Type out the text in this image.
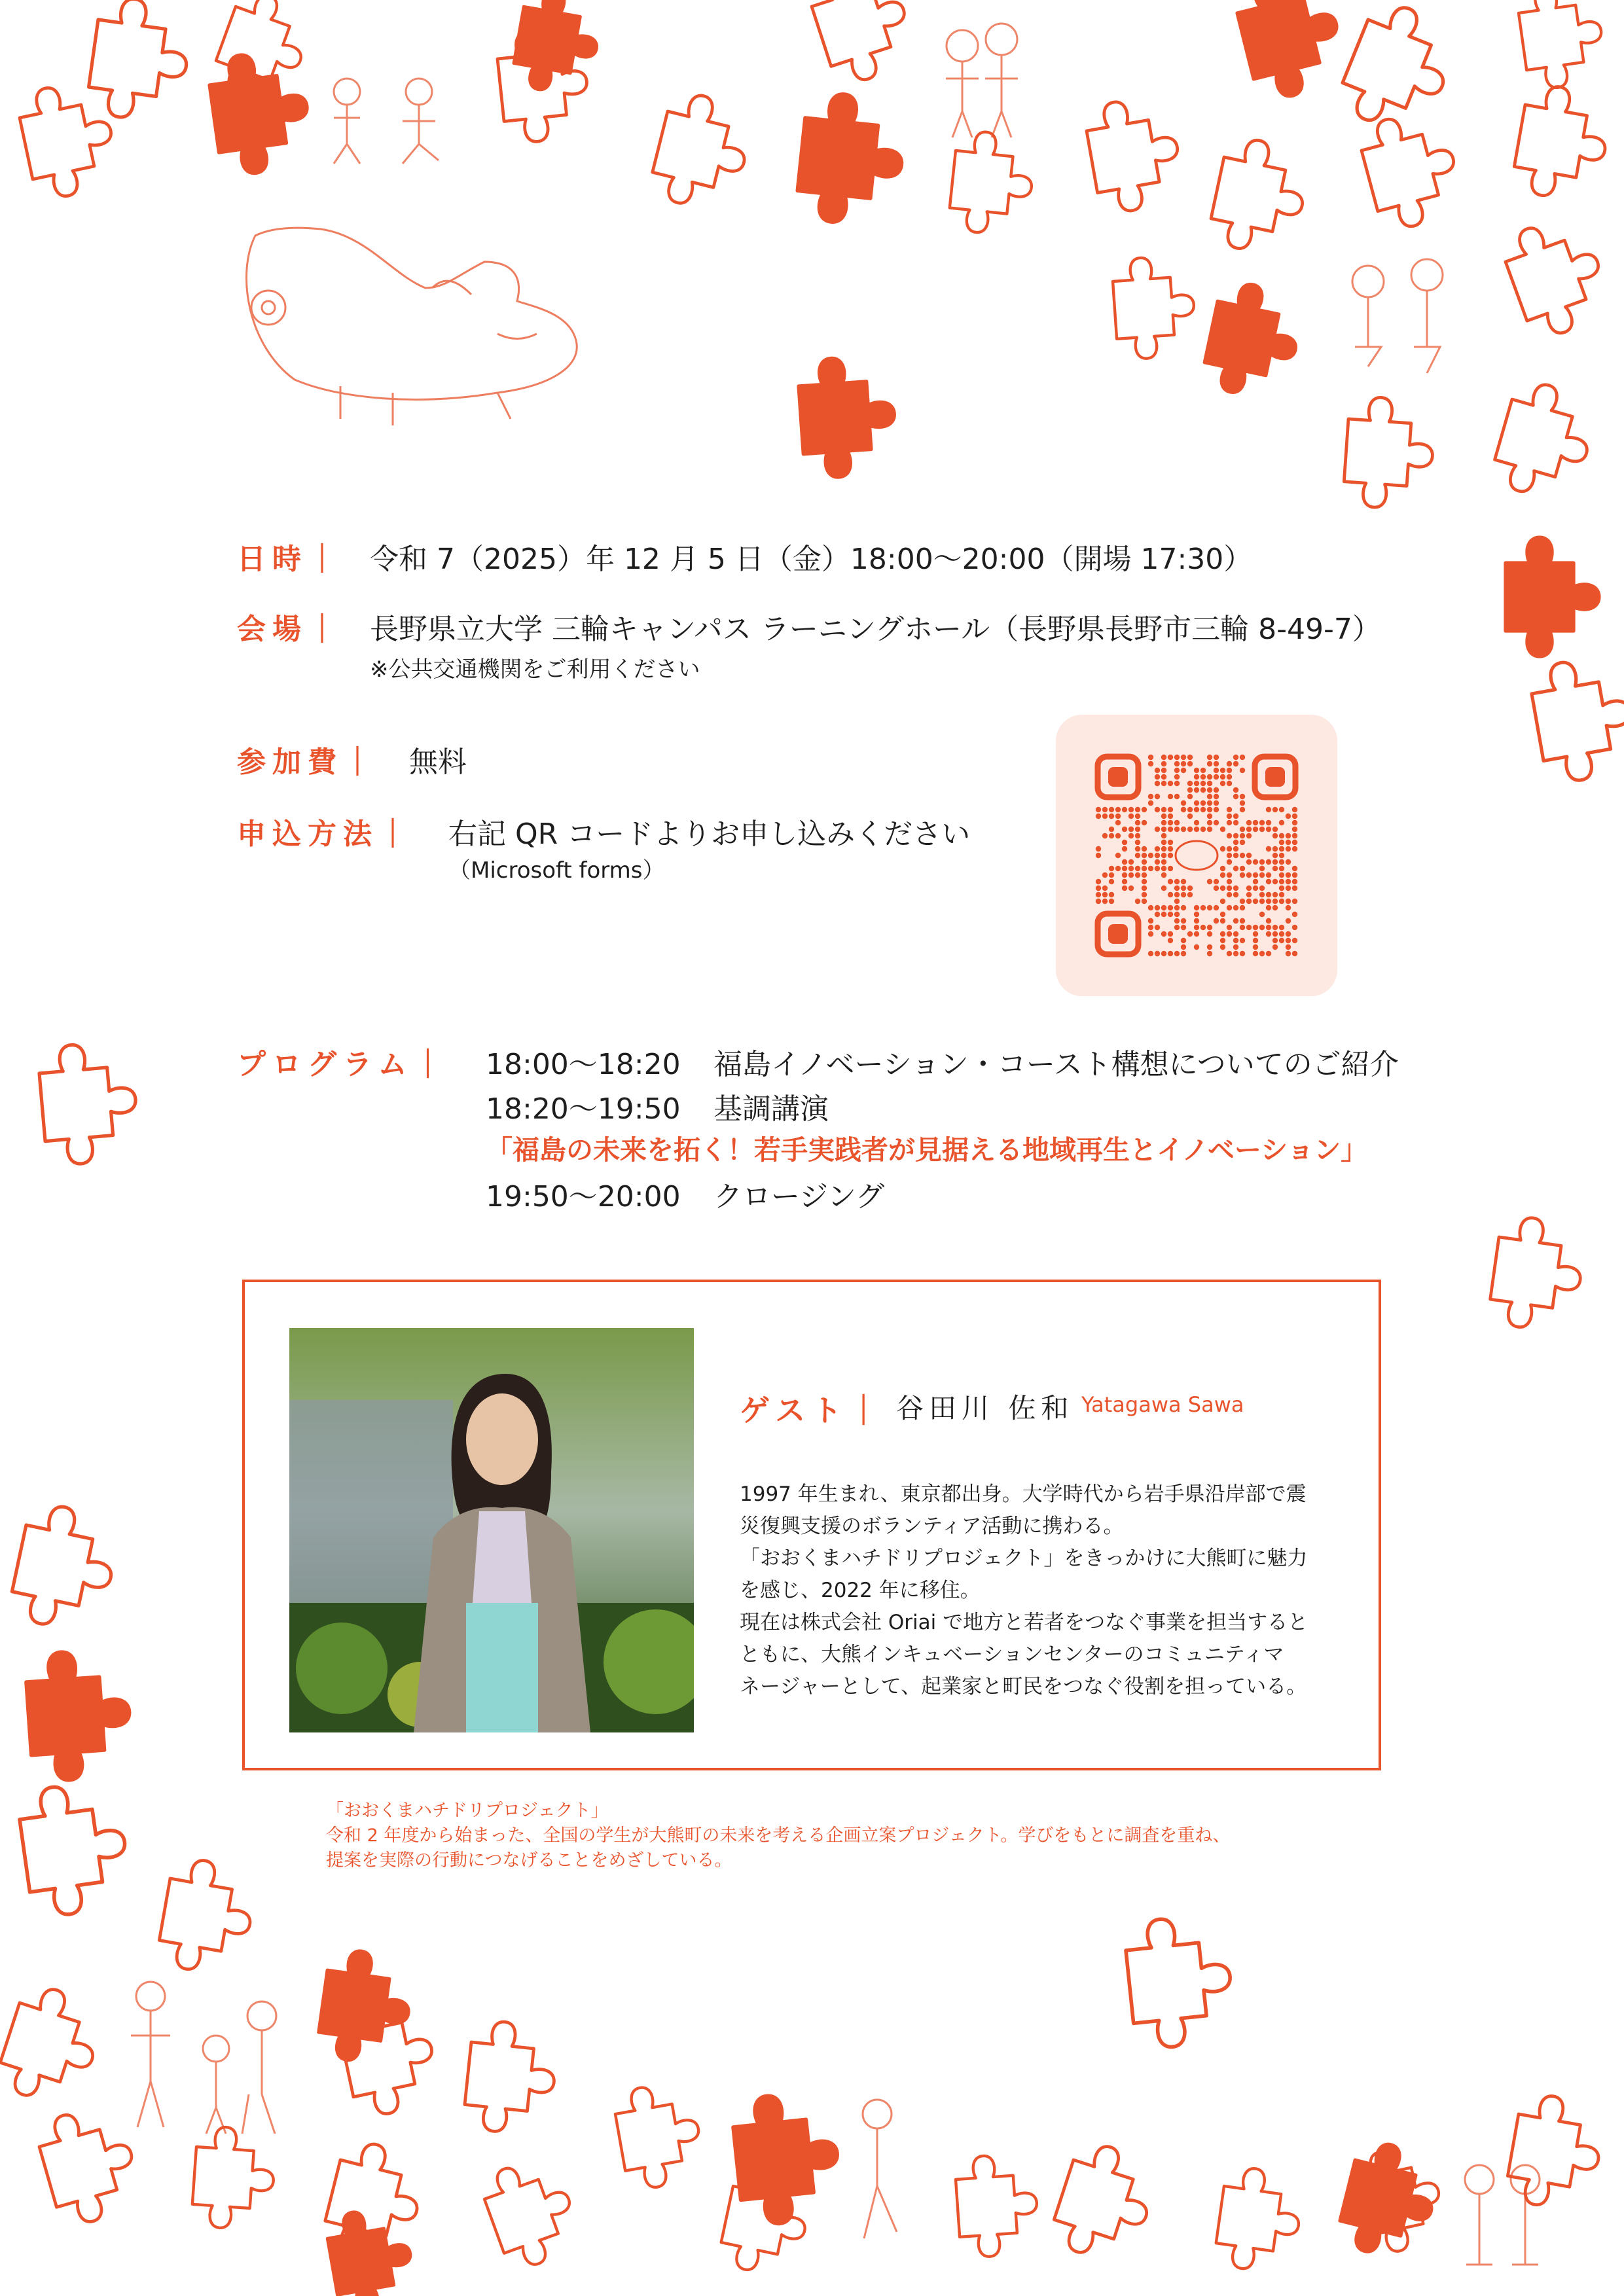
日時｜ 令和 7（2025）年 12 月 5 日（金）18:00〜20:00（開場 17:30）
会場｜ 長野県立大学 三輪キャンパス ラーニングホール（長野県長野市三輪 8-49-7）
※公共交通機関をご利用ください
参加費｜ 無料
申込方法｜ 右記 QR コードよりお申し込みください
（Microsoft forms）
プログラム｜ 18:00〜18:20 福島イノベーション・コースト構想についてのご紹介
18:20〜19:50 基調講演
「福島の未来を拓く！若手実践者が見据える地域再生とイノベーション」
19:50〜20:00 クロージング
ゲスト｜ 谷田川 佐和 Yatagawa Sawa
1997 年生まれ、東京都出身。大学時代から岩手県沿岸部で震
災復興支援のボランティア活動に携わる。
「おおくまハチドリプロジェクト」をきっかけに大熊町に魅力
を感じ、2022 年に移住。
現在は株式会社 Oriai で地方と若者をつなぐ事業を担当すると
ともに、大熊インキュベーションセンターのコミュニティマ
ネージャーとして、起業家と町民をつなぐ役割を担っている。
「おおくまハチドリプロジェクト」
令和 2 年度から始まった、全国の学生が大熊町の未来を考える企画立案プロジェクト。学びをもとに調査を重ね、
提案を実際の行動につなげることをめざしている。
